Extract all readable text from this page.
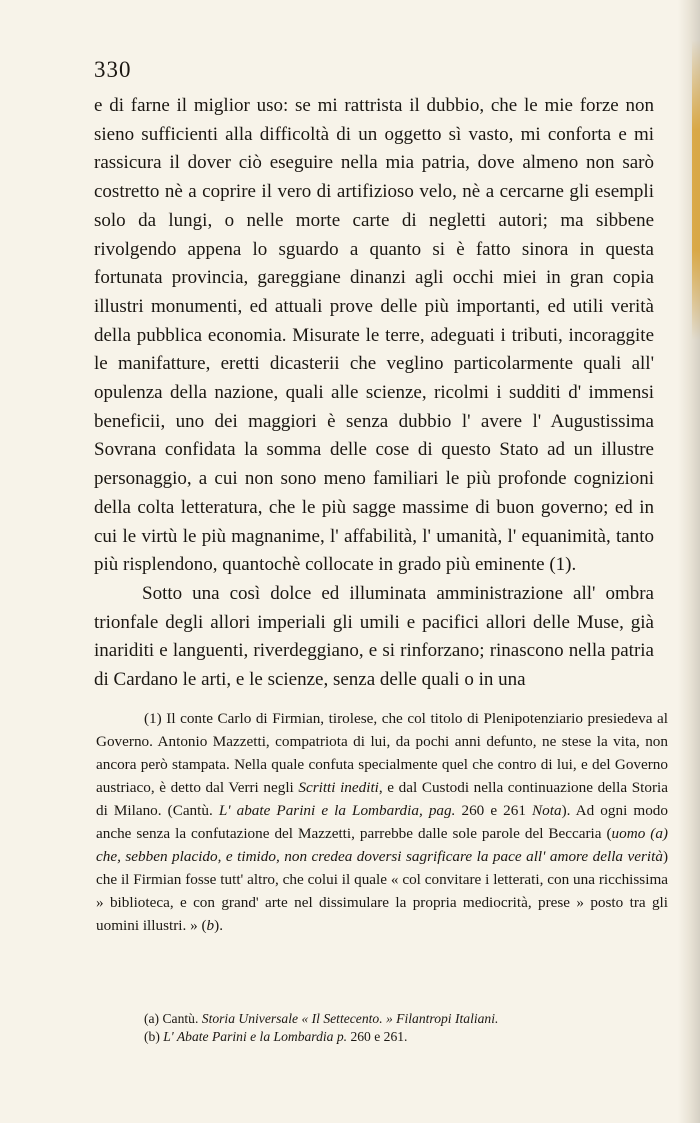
330

e di farne il miglior uso: se mi rattrista il dubbio, che le mie forze non sieno sufficienti alla difficoltà di un oggetto sì vasto, mi conforta e mi rassicura il dover ciò eseguire nella mia patria, dove almeno non sarò costretto nè a coprire il vero di artifizioso velo, nè a cercarne gli esempli solo da lungi, o nelle morte carte di negletti autori; ma sibbene rivolgendo appena lo sguardo a quanto si è fatto sinora in questa fortunata provincia, gareggiane dinanzi agli occhi miei in gran copia illustri monumenti, ed attuali prove delle più importanti, ed utili verità della pubblica economia. Misurate le terre, adeguati i tributi, incoraggite le manifatture, eretti dicasterii che veglino particolarmente quali all' opulenza della nazione, quali alle scienze, ricolmi i sudditi d' immensi beneficii, uno dei maggiori è senza dubbio l' avere l' Augustissima Sovrana confidata la somma delle cose di questo Stato ad un illustre personaggio, a cui non sono meno familiari le più profonde cognizioni della colta letteratura, che le più sagge massime di buon governo; ed in cui le virtù le più magnanime, l' affabilità, l' umanità, l' equanimità, tanto più risplendono, quantochè collocate in grado più eminente (1).

Sotto una così dolce ed illuminata amministrazione all' ombra trionfale degli allori imperiali gli umili e pacifici allori delle Muse, già inariditi e languenti, riverdeggiano, e si rinforzano; rinascono nella patria di Cardano le arti, e le scienze, senza delle quali o in una

(1) Il conte Carlo di Firmian, tirolese, che col titolo di Plenipotenziario presiedeva al Governo. Antonio Mazzetti, compatriota di lui, da pochi anni defunto, ne stese la vita, non ancora però stampata. Nella quale confuta specialmente quel che contro di lui, e del Governo austriaco, è detto dal Verri negli Scritti inediti, e dal Custodi nella continuazione della Storia di Milano. (Cantù. L' abate Parini e la Lombardia, pag. 260 e 261 Nota). Ad ogni modo anche senza la confutazione del Mazzetti, parrebbe dalle sole parole del Beccaria (uomo (a) che, sebben placido, e timido, non credea doversi sagrificare la pace all' amore della verità) che il Firmian fosse tutt' altro, che colui il quale « col convitare i letterati, con una ricchissima » biblioteca, e con grand' arte nel dissimulare la propria mediocrità, prese » posto tra gli uomini illustri. » (b).
(a) Cantù. Storia Universale « Il Settecento. » Filantropi Italiani.
(b) L' Abate Parini e la Lombardia p. 260 e 261.
